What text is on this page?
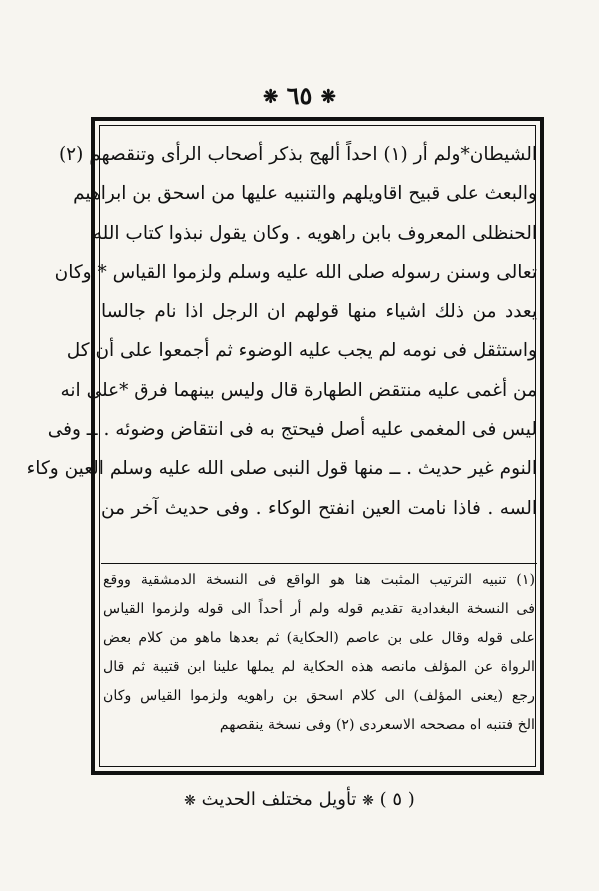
❋ ٦٥ ❋
الشيطان*ولم أر (١) احداً ألهج بذكر أصحاب الرأى وتنقصهم (٢)
والبعث على قبيح اقاويلهم والتنبيه عليها من اسحق بن ابراهيم
الحنظلى المعروف بابن راهويه . وكان يقول نبذوا كتاب الله
تعالى وسنن رسوله صلى الله عليه وسلم ولزموا القياس * وكان
يعدد من ذلك اشياء منها قولهم ان الرجل اذا نام جالسا
واستثقل فى نومه لم يجب عليه الوضوء ثم أجمعوا على أن كل
من أغمى عليه منتقض الطهارة قال وليس بينهما فرق *على انه
ليس فى المغمى عليه أصل فيحتج به فى انتقاض وضوئه . ــ وفى
النوم غير حديث . ــ منها قول النبى صلى الله عليه وسلم العين وكاء
السه . فاذا نامت العين انفتح الوكاء . وفى حديث آخر من
(١) تنبيه الترتيب المثبت هنا هو الواقع فى النسخة الدمشقية ووقع
فى النسخة البغدادية تقديم قوله ولم أر أحداً الى قوله ولزموا القياس
على قوله وقال على بن عاصم (الحكاية) ثم بعدها ماهو من كلام بعض
الرواة عن المؤلف مانصه هذه الحكاية لم يملها علينا ابن قتيبة ثم قال
رجع (يعنى المؤلف) الى كلام اسحق بن راهويه ولزموا القياس وكان
الخ فتنبه اه مصححه الاسعردى (٢) وفى نسخة ينقصهم
( ٥ ) ❋ تأويل مختلف الحديث ❋
